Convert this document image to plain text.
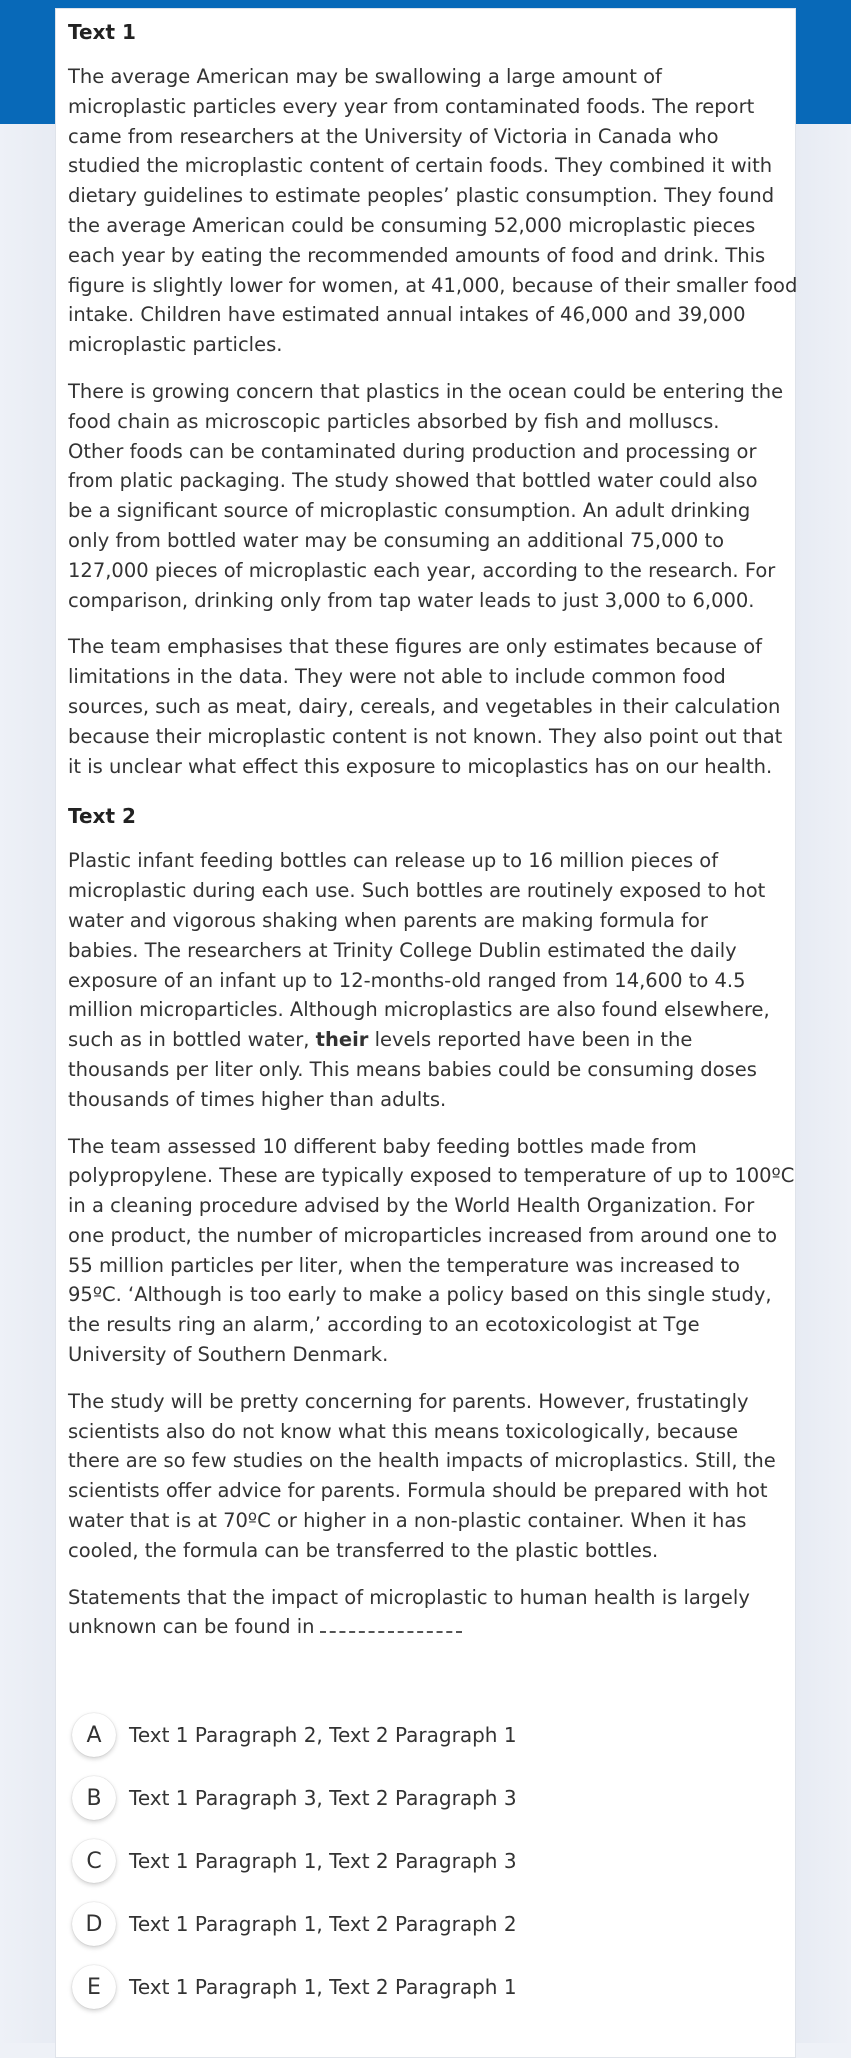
Text 1
The average American may be swallowing a large amount of
microplastic particles every year from contaminated foods. The report
came from researchers at the University of Victoria in Canada who
studied the microplastic content of certain foods. They combined it with
dietary guidelines to estimate peoples’ plastic consumption. They found
the average American could be consuming 52,000 microplastic pieces
each year by eating the recommended amounts of food and drink. This
figure is slightly lower for women, at 41,000, because of their smaller food
intake. Children have estimated annual intakes of 46,000 and 39,000
microplastic particles.
There is growing concern that plastics in the ocean could be entering the
food chain as microscopic particles absorbed by fish and molluscs.
Other foods can be contaminated during production and processing or
from platic packaging. The study showed that bottled water could also
be a significant source of microplastic consumption. An adult drinking
only from bottled water may be consuming an additional 75,000 to
127,000 pieces of microplastic each year, according to the research. For
comparison, drinking only from tap water leads to just 3,000 to 6,000.
The team emphasises that these figures are only estimates because of
limitations in the data. They were not able to include common food
sources, such as meat, dairy, cereals, and vegetables in their calculation
because their microplastic content is not known. They also point out that
it is unclear what effect this exposure to micoplastics has on our health.
Text 2
Plastic infant feeding bottles can release up to 16 million pieces of
microplastic during each use. Such bottles are routinely exposed to hot
water and vigorous shaking when parents are making formula for
babies. The researchers at Trinity College Dublin estimated the daily
exposure of an infant up to 12-months-old ranged from 14,600 to 4.5
million microparticles. Although microplastics are also found elsewhere,
such as in bottled water, their levels reported have been in the
thousands per liter only. This means babies could be consuming doses
thousands of times higher than adults.
The team assessed 10 different baby feeding bottles made from
polypropylene. These are typically exposed to temperature of up to 100ºC
in a cleaning procedure advised by the World Health Organization. For
one product, the number of microparticles increased from around one to
55 million particles per liter, when the temperature was increased to
95ºC. ‘Although is too early to make a policy based on this single study,
the results ring an alarm,’ according to an ecotoxicologist at Tge
University of Southern Denmark.
The study will be pretty concerning for parents. However, frustatingly
scientists also do not know what this means toxicologically, because
there are so few studies on the health impacts of microplastics. Still, the
scientists offer advice for parents. Formula should be prepared with hot
water that is at 70ºC or higher in a non-plastic container. When it has
cooled, the formula can be transferred to the plastic bottles.
Statements that the impact of microplastic to human health is largely
unknown can be found in
A	Text 1 Paragraph 2, Text 2 Paragraph 1
B	Text 1 Paragraph 3, Text 2 Paragraph 3
C	Text 1 Paragraph 1, Text 2 Paragraph 3
D	Text 1 Paragraph 1, Text 2 Paragraph 2
E	Text 1 Paragraph 1, Text 2 Paragraph 1
